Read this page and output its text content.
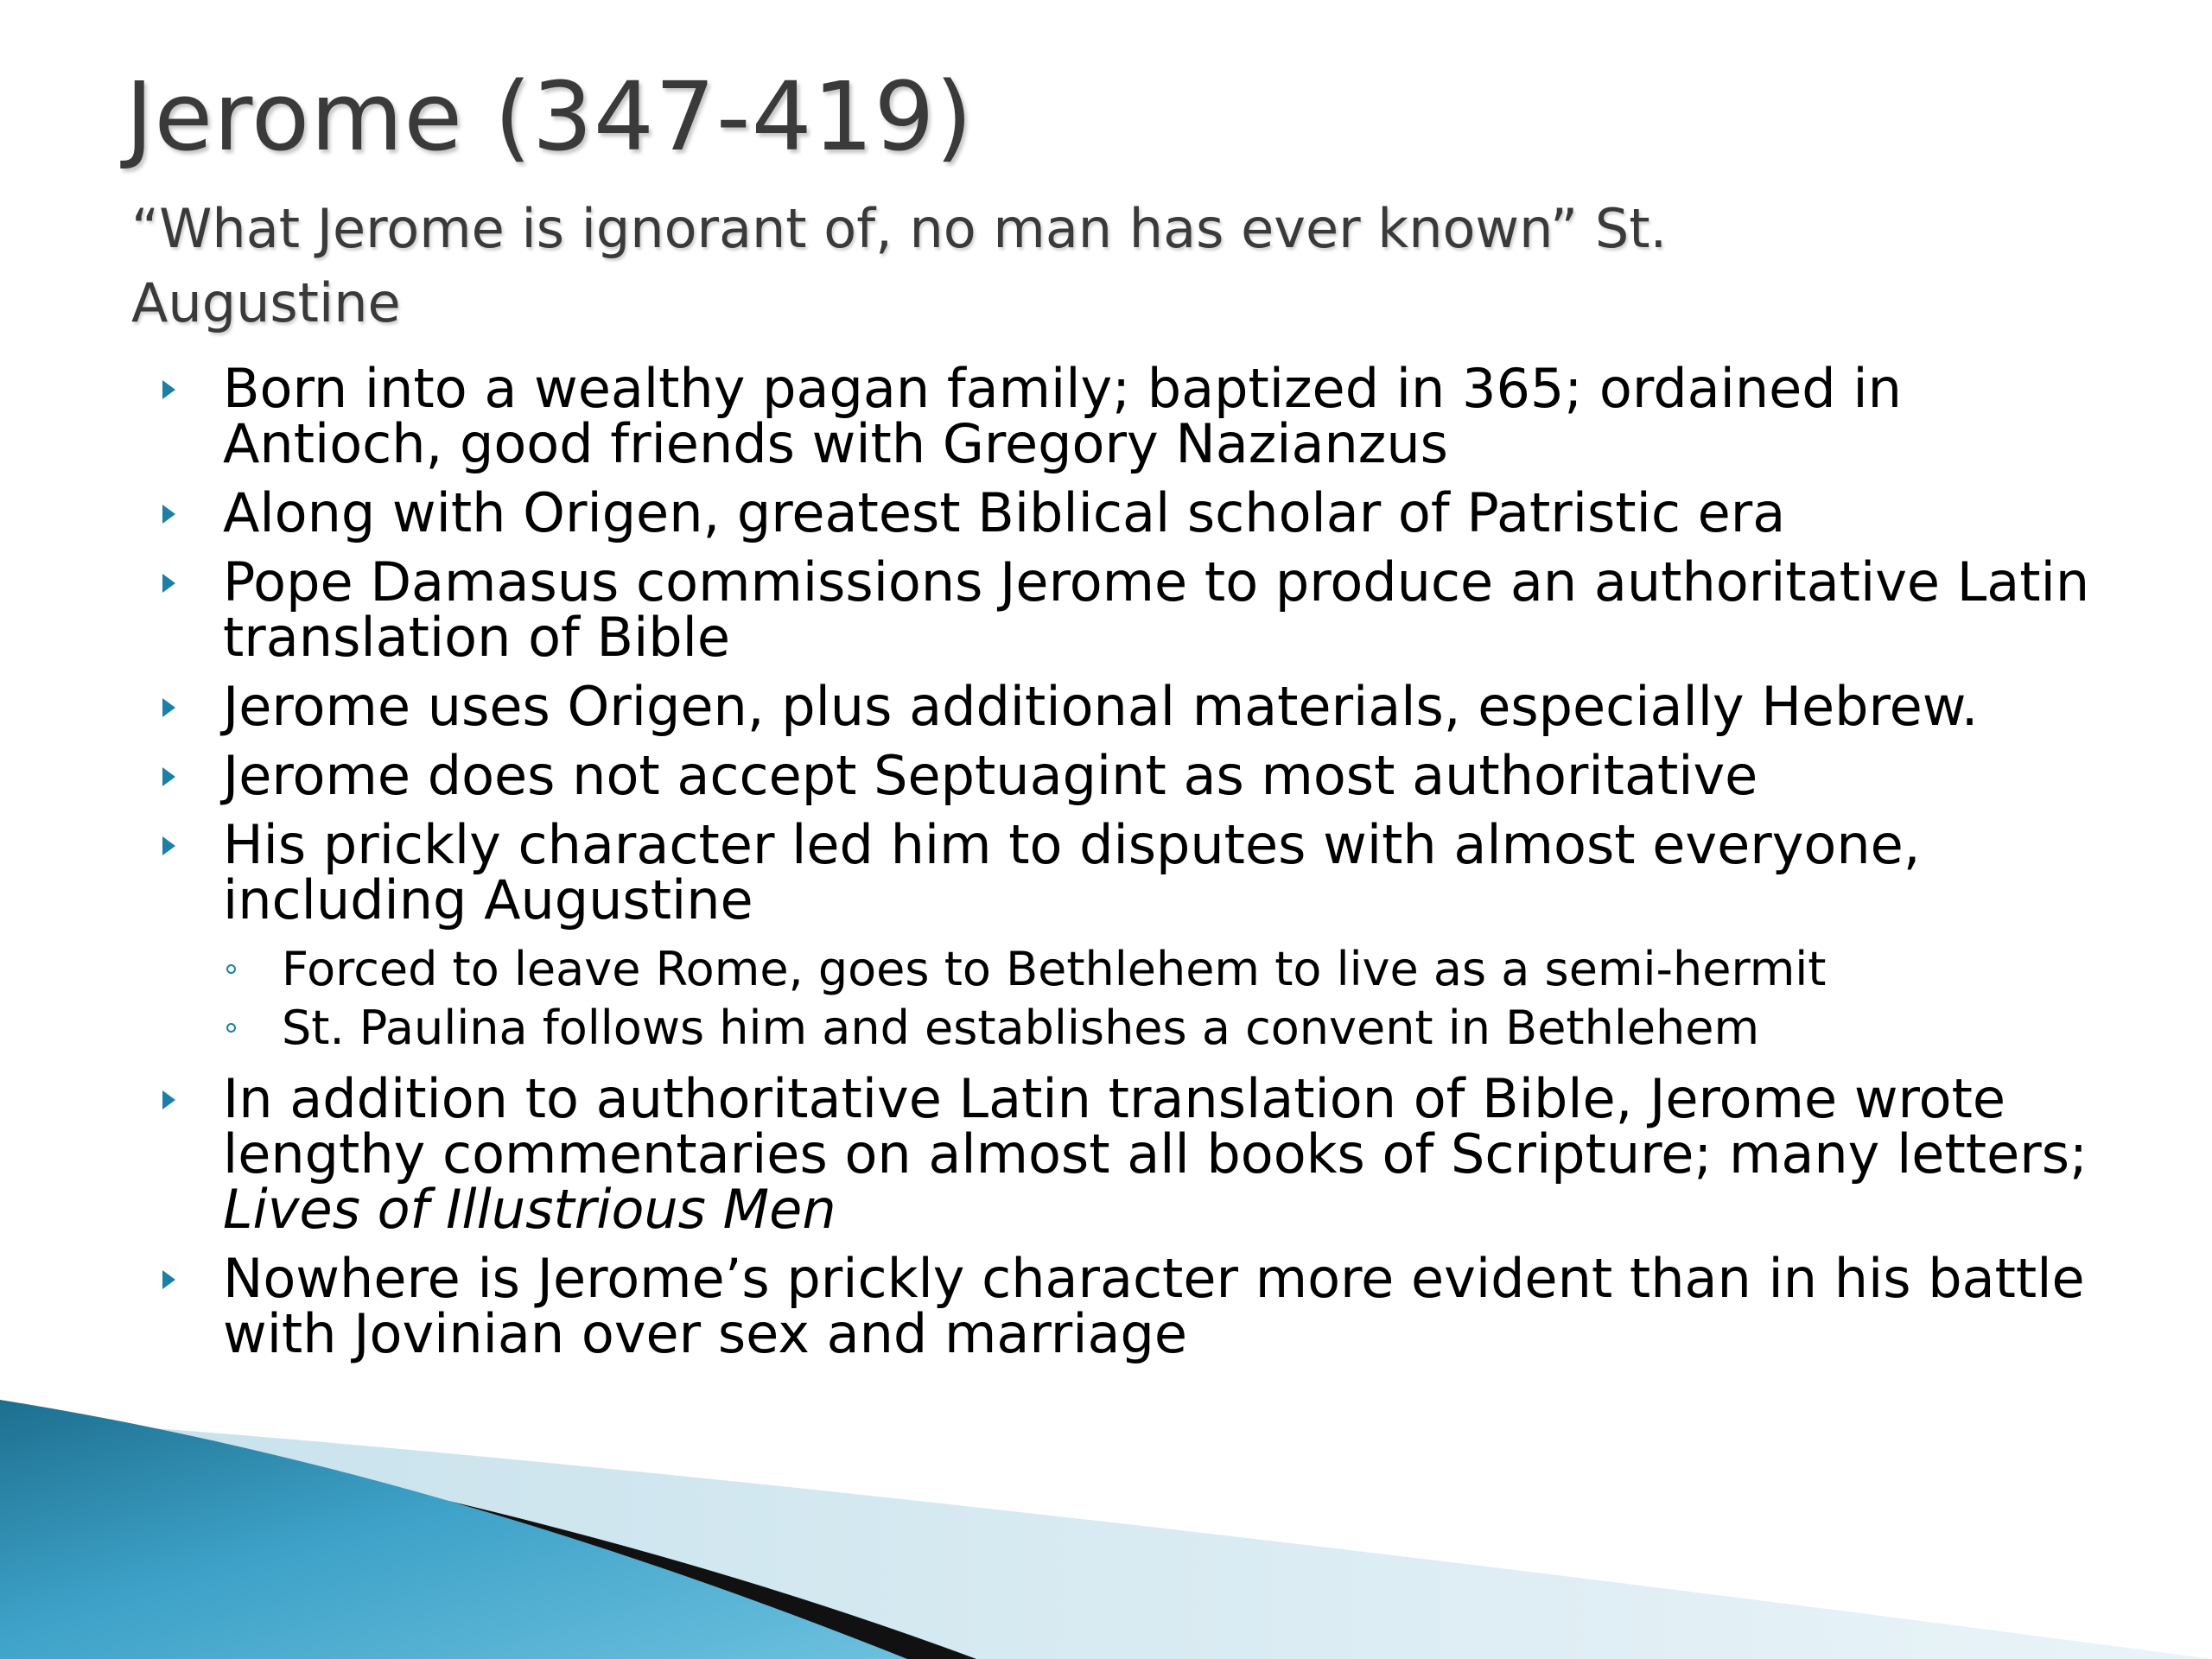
Jerome (347-419)
“What Jerome is ignorant of, no man has ever known” St.
Augustine
Born into a wealthy pagan family; baptized in 365; ordained in Antioch, good friends with Gregory Nazianzus
Along with Origen, greatest Biblical scholar of Patristic era
Pope Damasus commissions Jerome to produce an authoritative Latin translation of Bible
Jerome uses Origen, plus additional materials, especially Hebrew.
Jerome does not accept Septuagint as most authoritative
His prickly character led him to disputes with almost everyone, including Augustine
Forced to leave Rome, goes to Bethlehem to live as a semi-hermit
St. Paulina follows him and establishes a convent in Bethlehem
In addition to authoritative Latin translation of Bible, Jerome wrote lengthy commentaries on almost all books of Scripture; many letters; Lives of Illustrious Men
Nowhere is Jerome’s prickly character more evident than in his battle with Jovinian over sex and marriage
